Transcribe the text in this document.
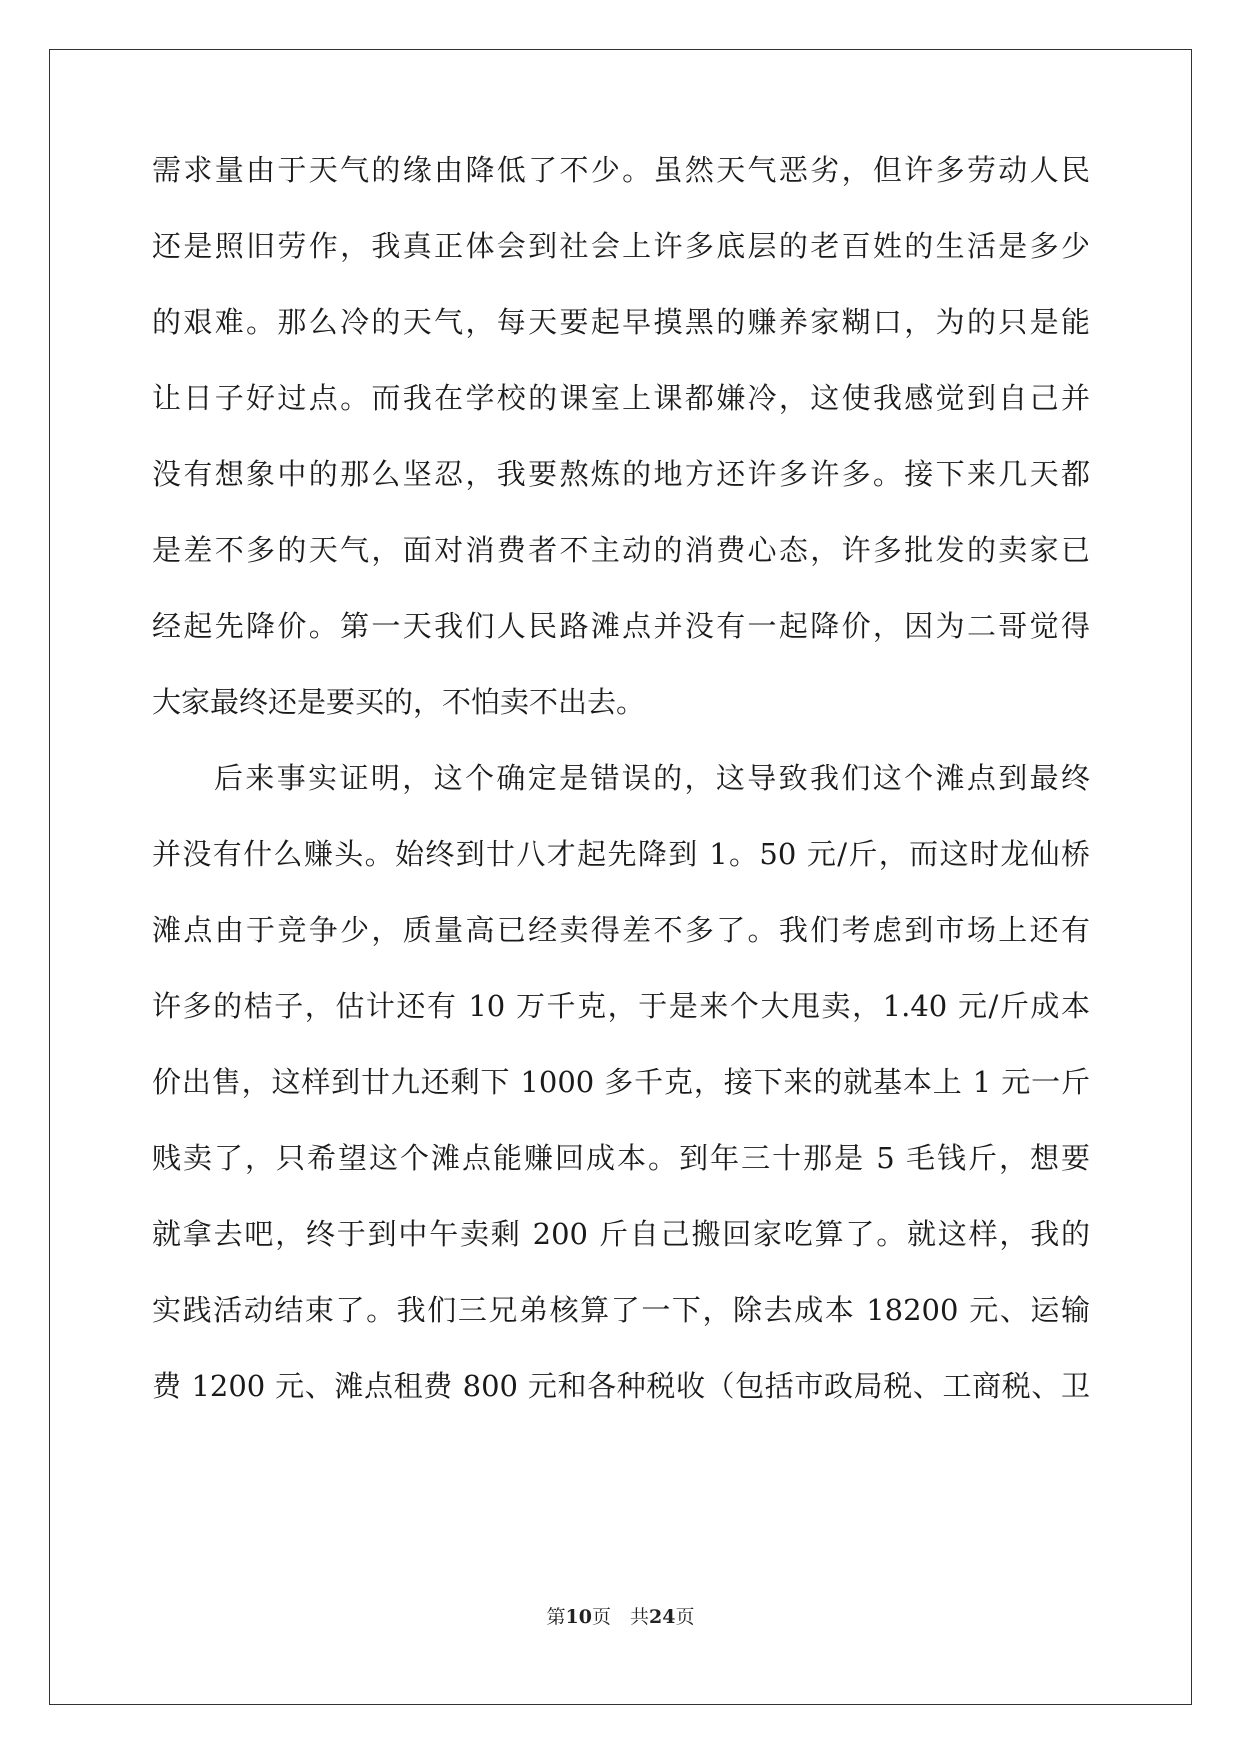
需求量由于天气的缘由降低了不少。虽然天气恶劣，但许多劳动人民
还是照旧劳作，我真正体会到社会上许多底层的老百姓的生活是多少
的艰难。那么冷的天气，每天要起早摸黑的赚养家糊口，为的只是能
让日子好过点。而我在学校的课室上课都嫌冷，这使我感觉到自己并
没有想象中的那么坚忍，我要熬炼的地方还许多许多。接下来几天都
是差不多的天气，面对消费者不主动的消费心态，许多批发的卖家已
经起先降价。第一天我们人民路滩点并没有一起降价，因为二哥觉得
大家最终还是要买的，不怕卖不出去。
后来事实证明，这个确定是错误的，这导致我们这个滩点到最终
并没有什么赚头。始终到廿八才起先降到 1。50 元/斤，而这时龙仙桥
滩点由于竞争少，质量高已经卖得差不多了。我们考虑到市场上还有
许多的桔子，估计还有 10 万千克，于是来个大甩卖，1.40 元/斤成本
价出售，这样到廿九还剩下 1000 多千克，接下来的就基本上 1 元一斤
贱卖了，只希望这个滩点能赚回成本。到年三十那是 5 毛钱斤，想要
就拿去吧，终于到中午卖剩 200 斤自己搬回家吃算了。就这样，我的
实践活动结束了。我们三兄弟核算了一下，除去成本 18200 元、运输
费 1200 元、滩点租费 800 元和各种税收（包括市政局税、工商税、卫
第10页　共24页
